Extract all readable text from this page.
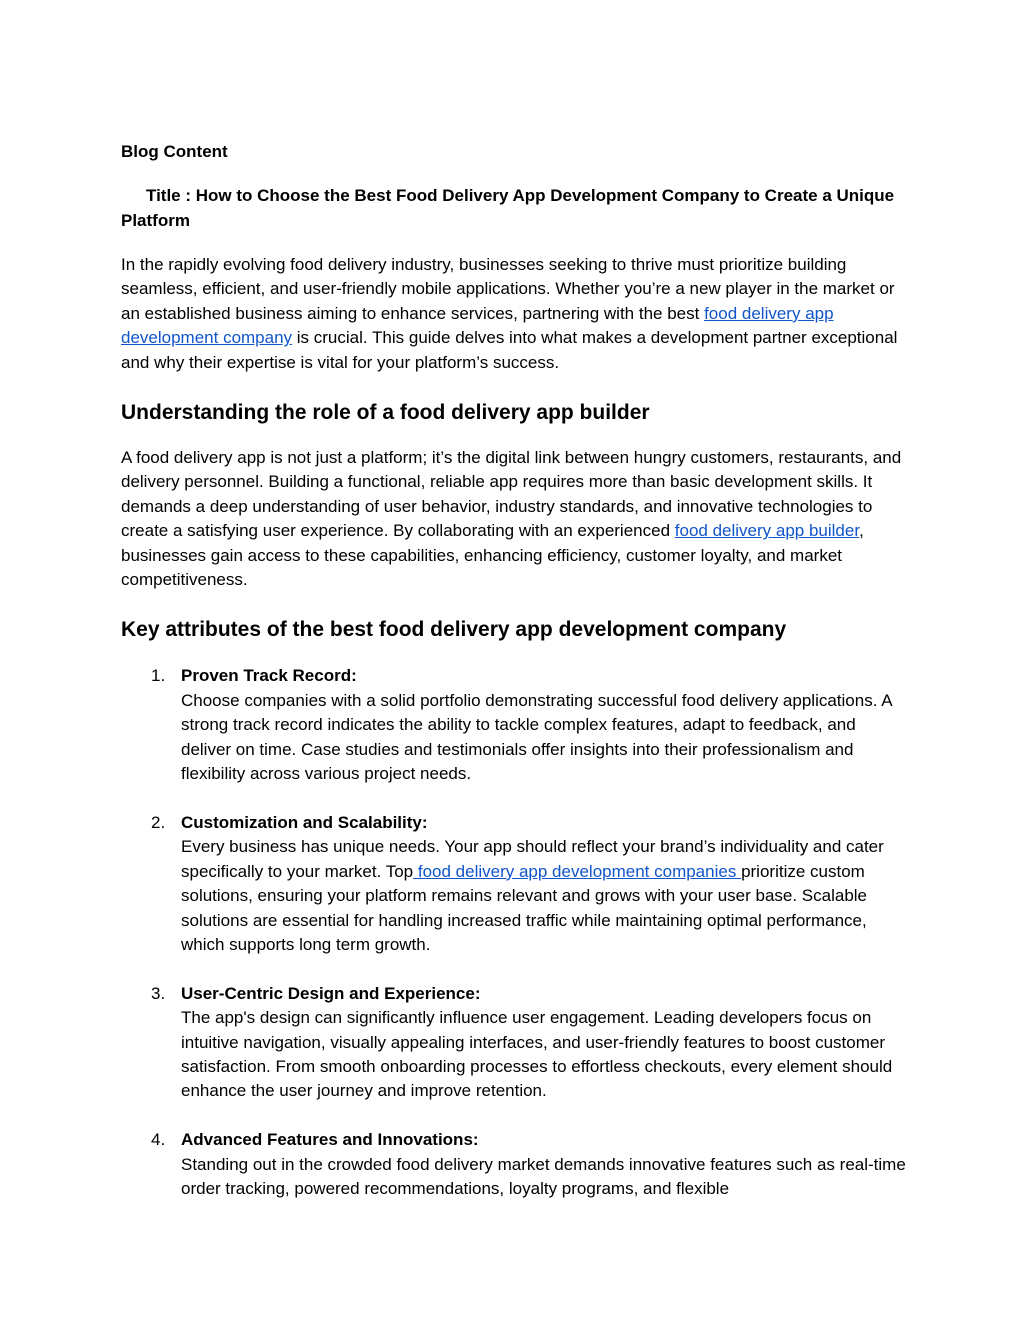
Blog Content

Title : How to Choose the Best Food Delivery App Development Company to Create a Unique Platform

In the rapidly evolving food delivery industry, businesses seeking to thrive must prioritize building seamless, efficient, and user-friendly mobile applications. Whether you’re a new player in the market or an established business aiming to enhance services, partnering with the best food delivery app development company is crucial. This guide delves into what makes a development partner exceptional and why their expertise is vital for your platform’s success.

Understanding the role of a food delivery app builder

A food delivery app is not just a platform; it’s the digital link between hungry customers, restaurants, and delivery personnel. Building a functional, reliable app requires more than basic development skills. It demands a deep understanding of user behavior, industry standards, and innovative technologies to create a satisfying user experience. By collaborating with an experienced food delivery app builder, businesses gain access to these capabilities, enhancing efficiency, customer loyalty, and market competitiveness.

Key attributes of the best food delivery app development company
1. Proven Track Record:
Choose companies with a solid portfolio demonstrating successful food delivery applications. A strong track record indicates the ability to tackle complex features, adapt to feedback, and deliver on time. Case studies and testimonials offer insights into their professionalism and flexibility across various project needs.
2. Customization and Scalability:
Every business has unique needs. Your app should reflect your brand’s individuality and cater specifically to your market. Top food delivery app development companies prioritize custom solutions, ensuring your platform remains relevant and grows with your user base. Scalable solutions are essential for handling increased traffic while maintaining optimal performance, which supports long term growth.
3. User-Centric Design and Experience:
The app's design can significantly influence user engagement. Leading developers focus on intuitive navigation, visually appealing interfaces, and user-friendly features to boost customer satisfaction. From smooth onboarding processes to effortless checkouts, every element should enhance the user journey and improve retention.
4. Advanced Features and Innovations:
Standing out in the crowded food delivery market demands innovative features such as real-time order tracking, powered recommendations, loyalty programs, and flexible
